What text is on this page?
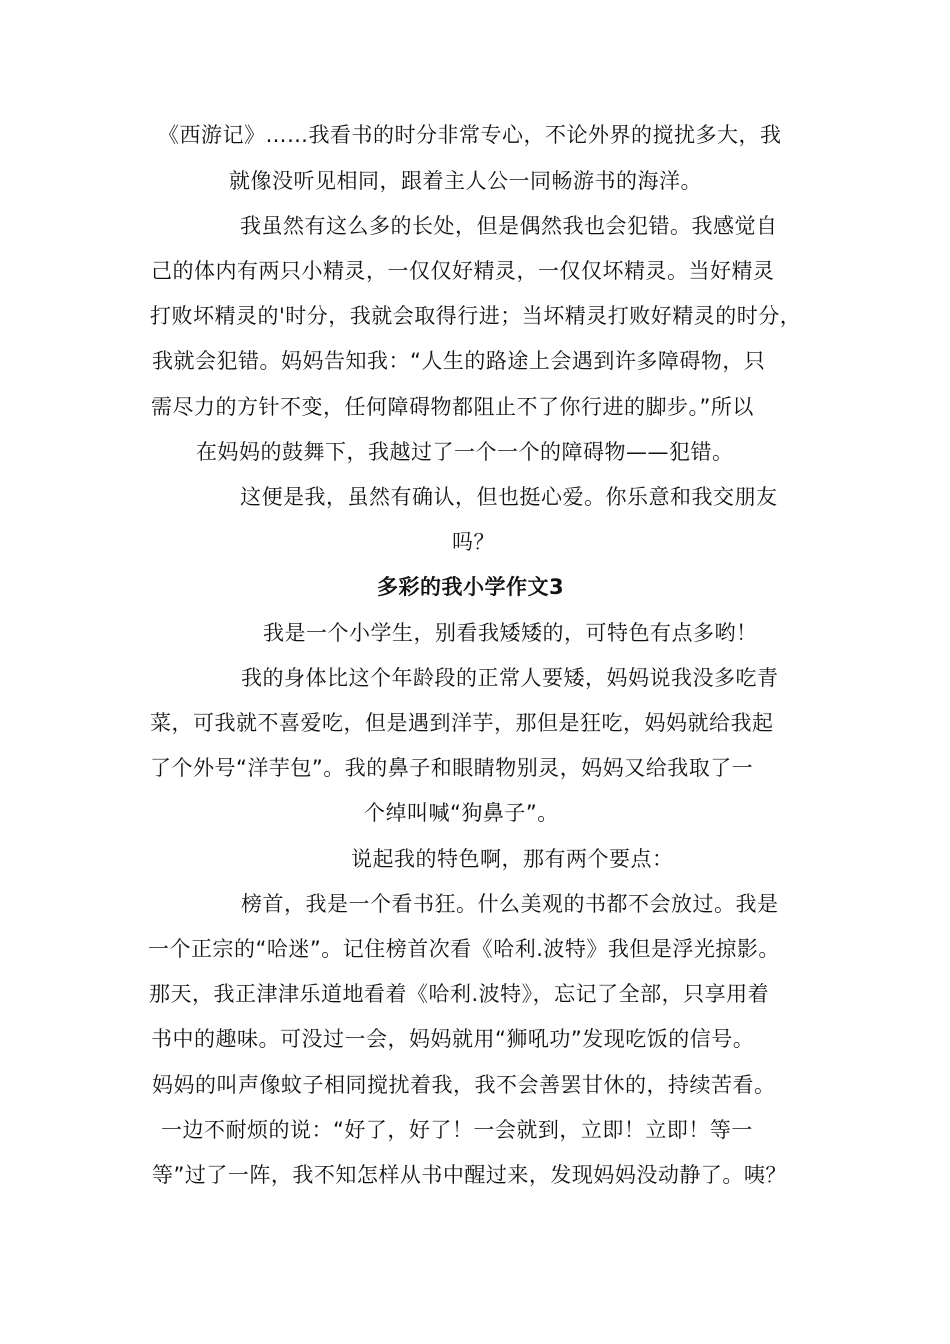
《西游记》……我看书的时分非常专心，不论外界的搅扰多大，我
就像没听见相同，跟着主人公一同畅游书的海洋。
我虽然有这么多的长处，但是偶然我也会犯错。我感觉自
己的体内有两只小精灵，一仅仅好精灵，一仅仅坏精灵。当好精灵
打败坏精灵的'时分，我就会取得行进；当坏精灵打败好精灵的时分，
我就会犯错。妈妈告知我：“人生的路途上会遇到许多障碍物，只
需尽力的方针不变，任何障碍物都阻止不了你行进的脚步。”所以
在妈妈的鼓舞下，我越过了一个一个的障碍物——犯错。
这便是我，虽然有确认，但也挺心爱。你乐意和我交朋友
吗？
多彩的我小学作文3
我是一个小学生，别看我矮矮的，可特色有点多哟！
我的身体比这个年龄段的正常人要矮，妈妈说我没多吃青
菜，可我就不喜爱吃，但是遇到洋芋，那但是狂吃，妈妈就给我起
了个外号“洋芋包”。我的鼻子和眼睛物别灵，妈妈又给我取了一
个绰叫喊“狗鼻子”。
说起我的特色啊，那有两个要点：
榜首，我是一个看书狂。什么美观的书都不会放过。我是
一个正宗的“哈迷”。记住榜首次看《哈利.波特》我但是浮光掠影。
那天，我正津津乐道地看着《哈利.波特》，忘记了全部，只享用着
书中的趣味。可没过一会，妈妈就用“狮吼功”发现吃饭的信号。
妈妈的叫声像蚊子相同搅扰着我，我不会善罢甘休的，持续苦看。
一边不耐烦的说：“好了，好了！一会就到，立即！立即！等一
等”过了一阵，我不知怎样从书中醒过来，发现妈妈没动静了。咦？
